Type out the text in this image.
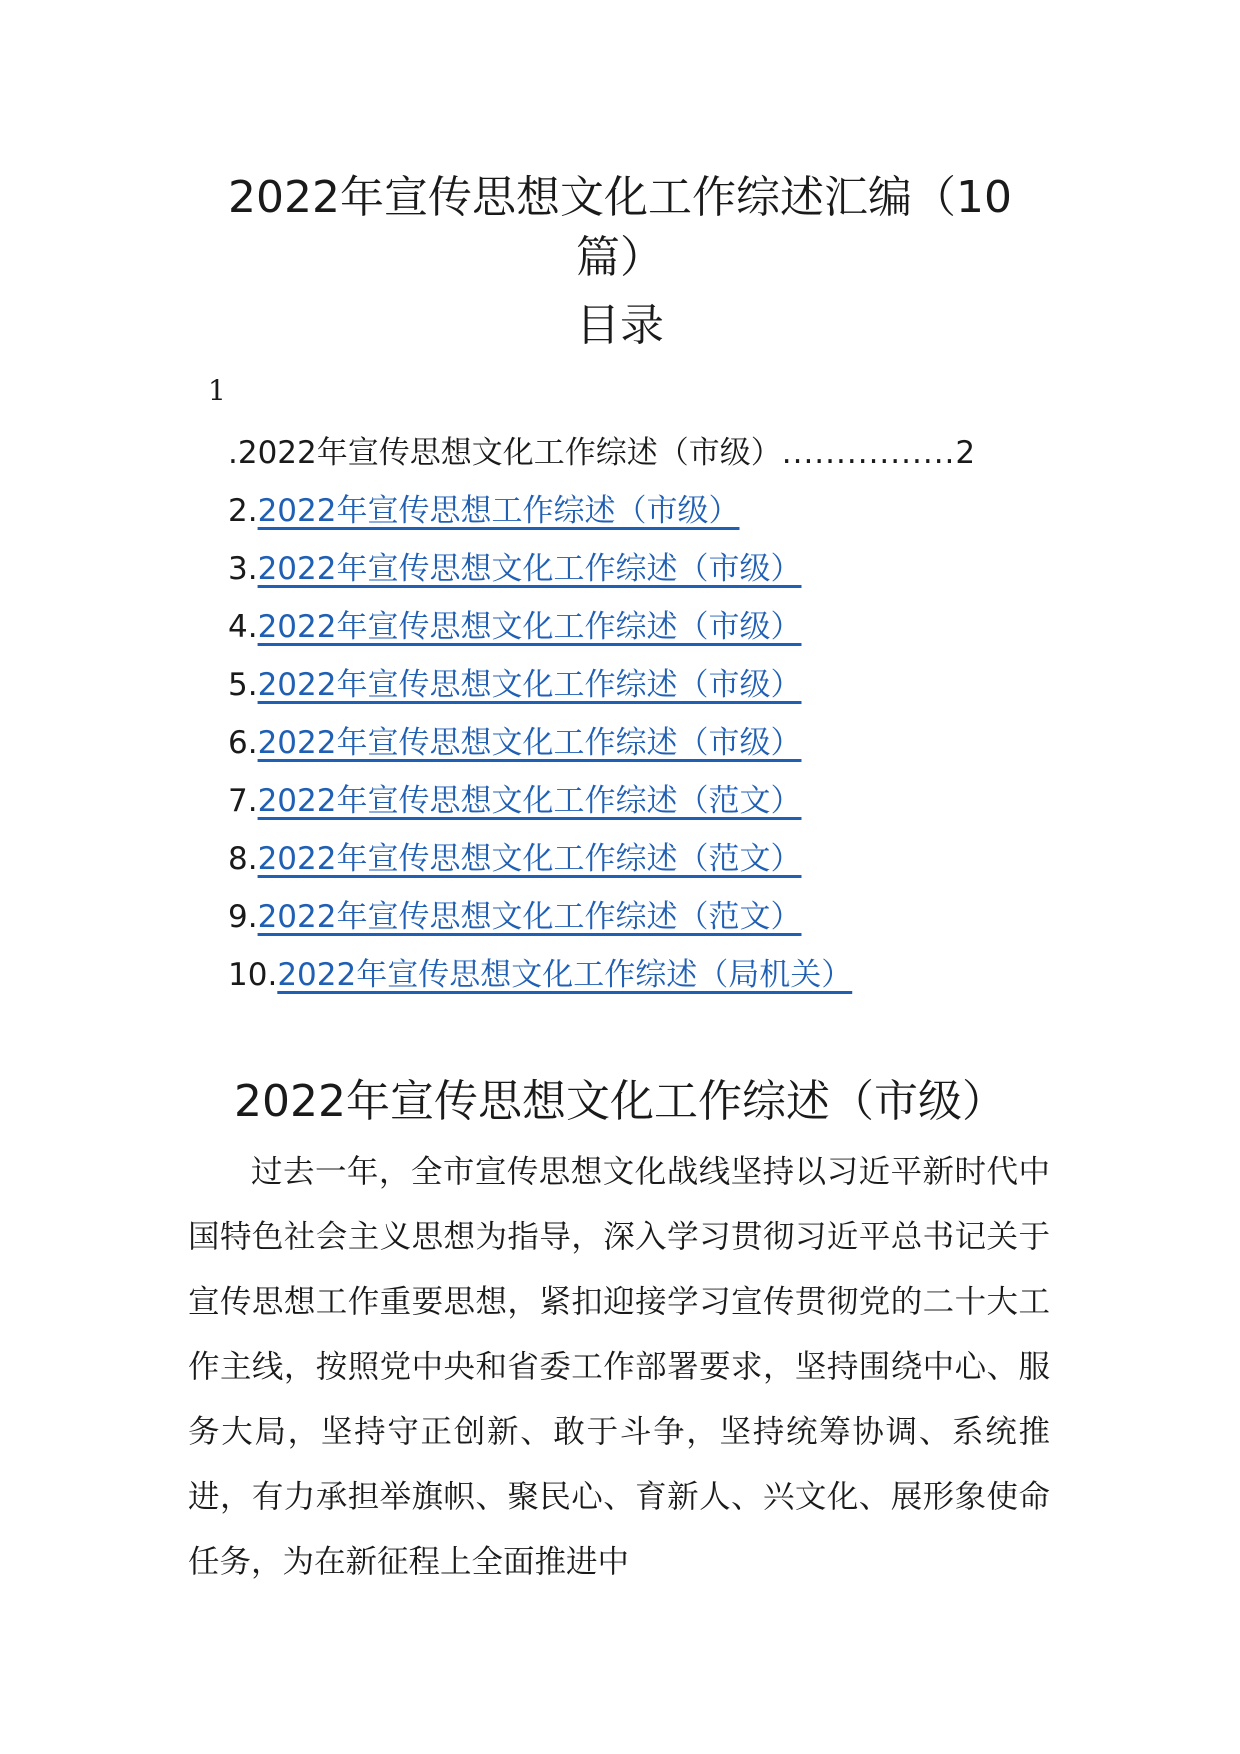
2022年宣传思想文化工作综述汇编（10
篇）
目录
1
.2022年宣传思想文化工作综述（市级）................2
2.2022年宣传思想工作综述（市级）
3.2022年宣传思想文化工作综述（市级）
4.2022年宣传思想文化工作综述（市级）
5.2022年宣传思想文化工作综述（市级）
6.2022年宣传思想文化工作综述（市级）
7.2022年宣传思想文化工作综述（范文）
8.2022年宣传思想文化工作综述（范文）
9.2022年宣传思想文化工作综述（范文）
10.2022年宣传思想文化工作综述（局机关）
2022年宣传思想文化工作综述（市级）
过去一年，全市宣传思想文化战线坚持以习近平新时代中国特色社会主义思想为指导，深入学习贯彻习近平总书记关于宣传思想工作重要思想，紧扣迎接学习宣传贯彻党的二十大工作主线，按照党中央和省委工作部署要求，坚持围绕中心、服务大局，坚持守正创新、敢于斗争，坚持统筹协调、系统推进，有力承担举旗帜、聚民心、育新人、兴文化、展形象使命任务，为在新征程上全面推进中
